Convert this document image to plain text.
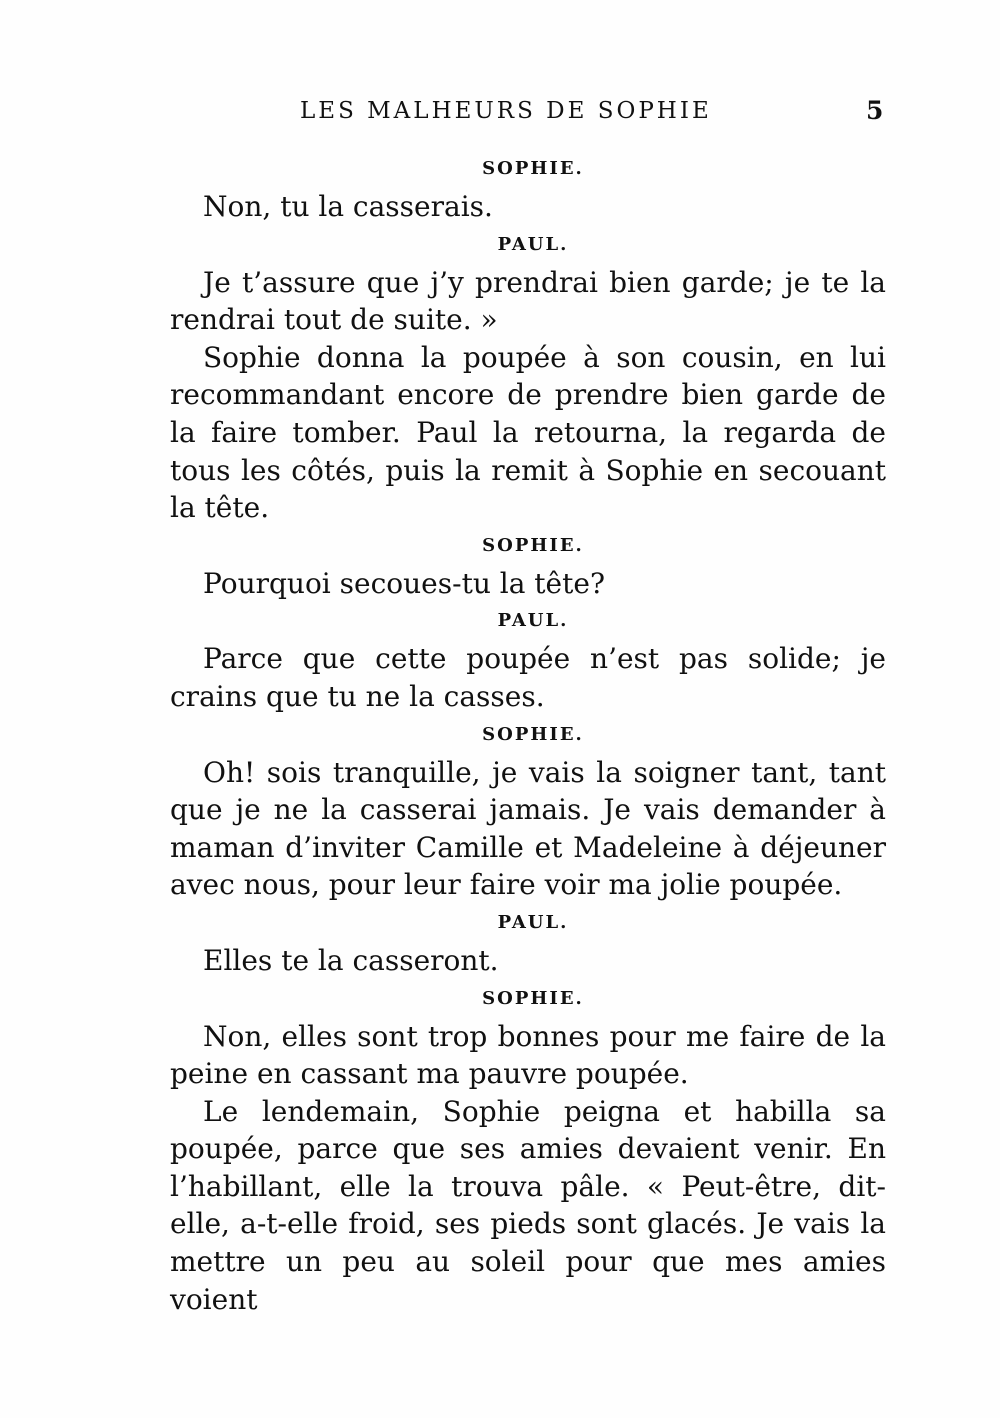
LES MALHEURS DE SOPHIE	5
SOPHIE.

Non, tu la casserais.

PAUL.

Je t’assure que j’y prendrai bien garde; je te la rendrai tout de suite. »

Sophie donna la poupée à son cousin, en lui recommandant encore de prendre bien garde de la faire tomber. Paul la retourna, la regarda de tous les côtés, puis la remit à Sophie en secouant la tête.

SOPHIE.

Pourquoi secoues-tu la tête?

PAUL.

Parce que cette poupée n’est pas solide; je crains que tu ne la casses.

SOPHIE.

Oh! sois tranquille, je vais la soigner tant, tant que je ne la casserai jamais. Je vais demander à maman d’inviter Camille et Madeleine à déjeuner avec nous, pour leur faire voir ma jolie poupée.

PAUL.

Elles te la casseront.

SOPHIE.

Non, elles sont trop bonnes pour me faire de la peine en cassant ma pauvre poupée.

Le lendemain, Sophie peigna et habilla sa poupée, parce que ses amies devaient venir. En l’habillant, elle la trouva pâle. « Peut-être, dit-elle, a-t-elle froid, ses pieds sont glacés. Je vais la mettre un peu au soleil pour que mes amies voient
